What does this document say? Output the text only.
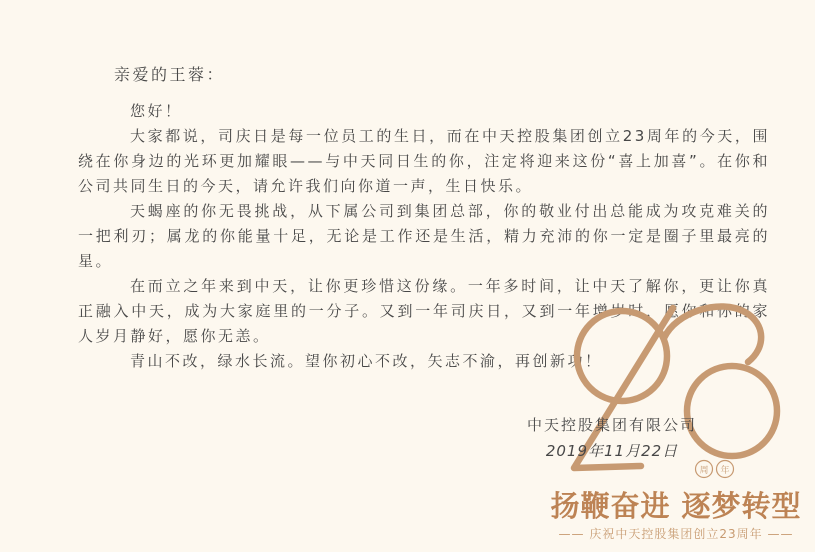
亲爱的王蓉：
您好！

大家都说，司庆日是每一位员工的生日，而在中天控股集团创立23周年的今天，围绕在你身边的光环更加耀眼——与中天同日生的你，注定将迎来这份“喜上加喜”。在你和公司共同生日的今天，请允许我们向你道一声，生日快乐。

天蝎座的你无畏挑战，从下属公司到集团总部，你的敬业付出总能成为攻克难关的一把利刃；属龙的你能量十足，无论是工作还是生活，精力充沛的你一定是圈子里最亮的星。

在而立之年来到中天，让你更珍惜这份缘。一年多时间，让中天了解你，更让你真正融入中天，成为大家庭里的一分子。又到一年司庆日，又到一年增岁时，愿你和你的家人岁月静好，愿你无恙。

青山不改，绿水长流。望你初心不改，矢志不渝，再创新功！

中天控股集团有限公司
2019年11月22日
周 年
扬鞭奋进 逐梦转型
—— 庆祝中天控股集团创立23周年 ——
